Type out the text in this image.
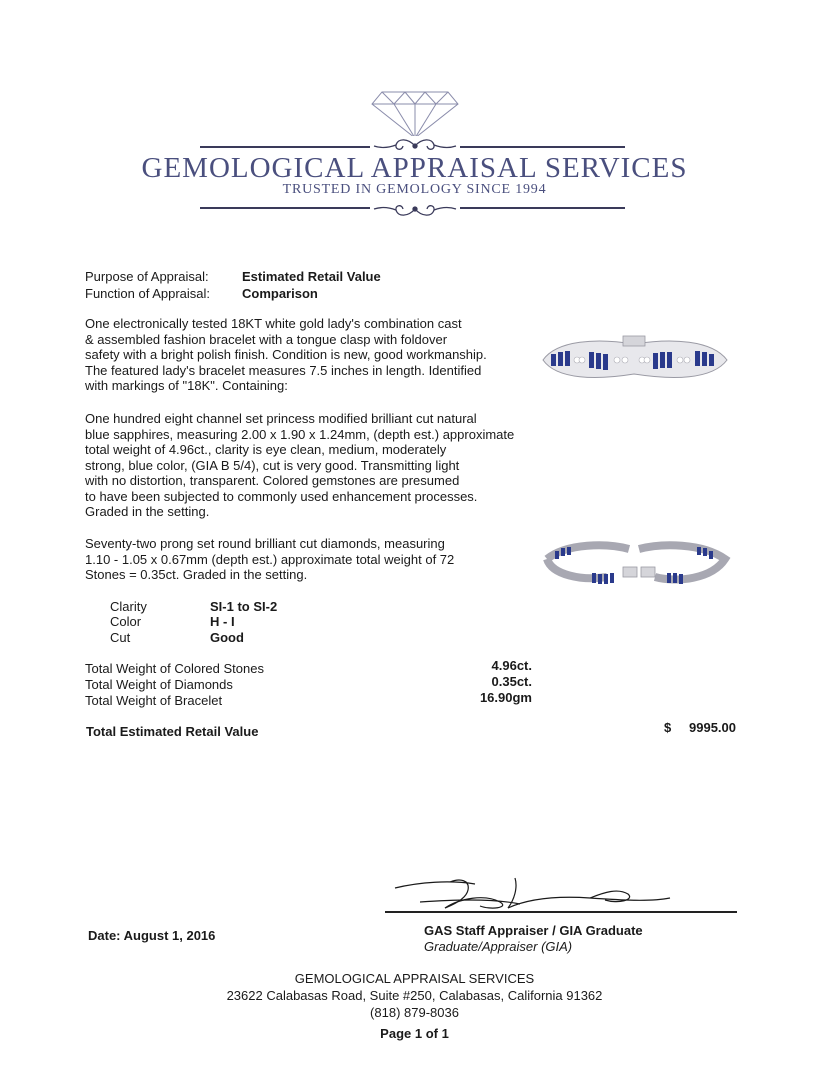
GEMOLOGICAL APPRAISAL SERVICES
TRUSTED IN GEMOLOGY SINCE 1994
Purpose of Appraisal:	Estimated Retail Value
Function of Appraisal: Comparison
One electronically tested 18KT white gold lady's combination cast
& assembled fashion bracelet with a tongue clasp with foldover
safety with a bright polish finish. Condition is new, good workmanship.
The featured lady's bracelet measures 7.5 inches in length. Identified
with markings of "18K". Containing:
One hundred eight channel set princess modified brilliant cut natural
blue sapphires, measuring 2.00 x 1.90 x 1.24mm, (depth est.) approximate
total weight of 4.96ct., clarity is eye clean, medium, moderately
strong, blue color, (GIA B 5/4), cut is very good. Transmitting light
with no distortion, transparent. Colored gemstones are presumed
to have been subjected to commonly used enhancement processes.
Graded in the setting.
Seventy-two prong set round brilliant cut diamonds, measuring
1.10 - 1.05 x 0.67mm (depth est.) approximate total weight of 72
Stones = 0.35ct. Graded in the setting.
Clarity	SI-1 to SI-2
Color	H - I
Cut	Good
Total Weight of Colored Stones	4.96ct.
Total Weight of Diamonds	0.35ct.
Total Weight of Bracelet	16.90gm
Total Estimated Retail Value	$	9995.00
Date: August 1, 2016	GAS Staff Appraiser / GIA Graduate
Graduate/Appraiser (GIA)
GEMOLOGICAL APPRAISAL SERVICES
23622 Calabasas Road, Suite #250, Calabasas, California 91362
(818) 879-8036
Page 1 of 1
